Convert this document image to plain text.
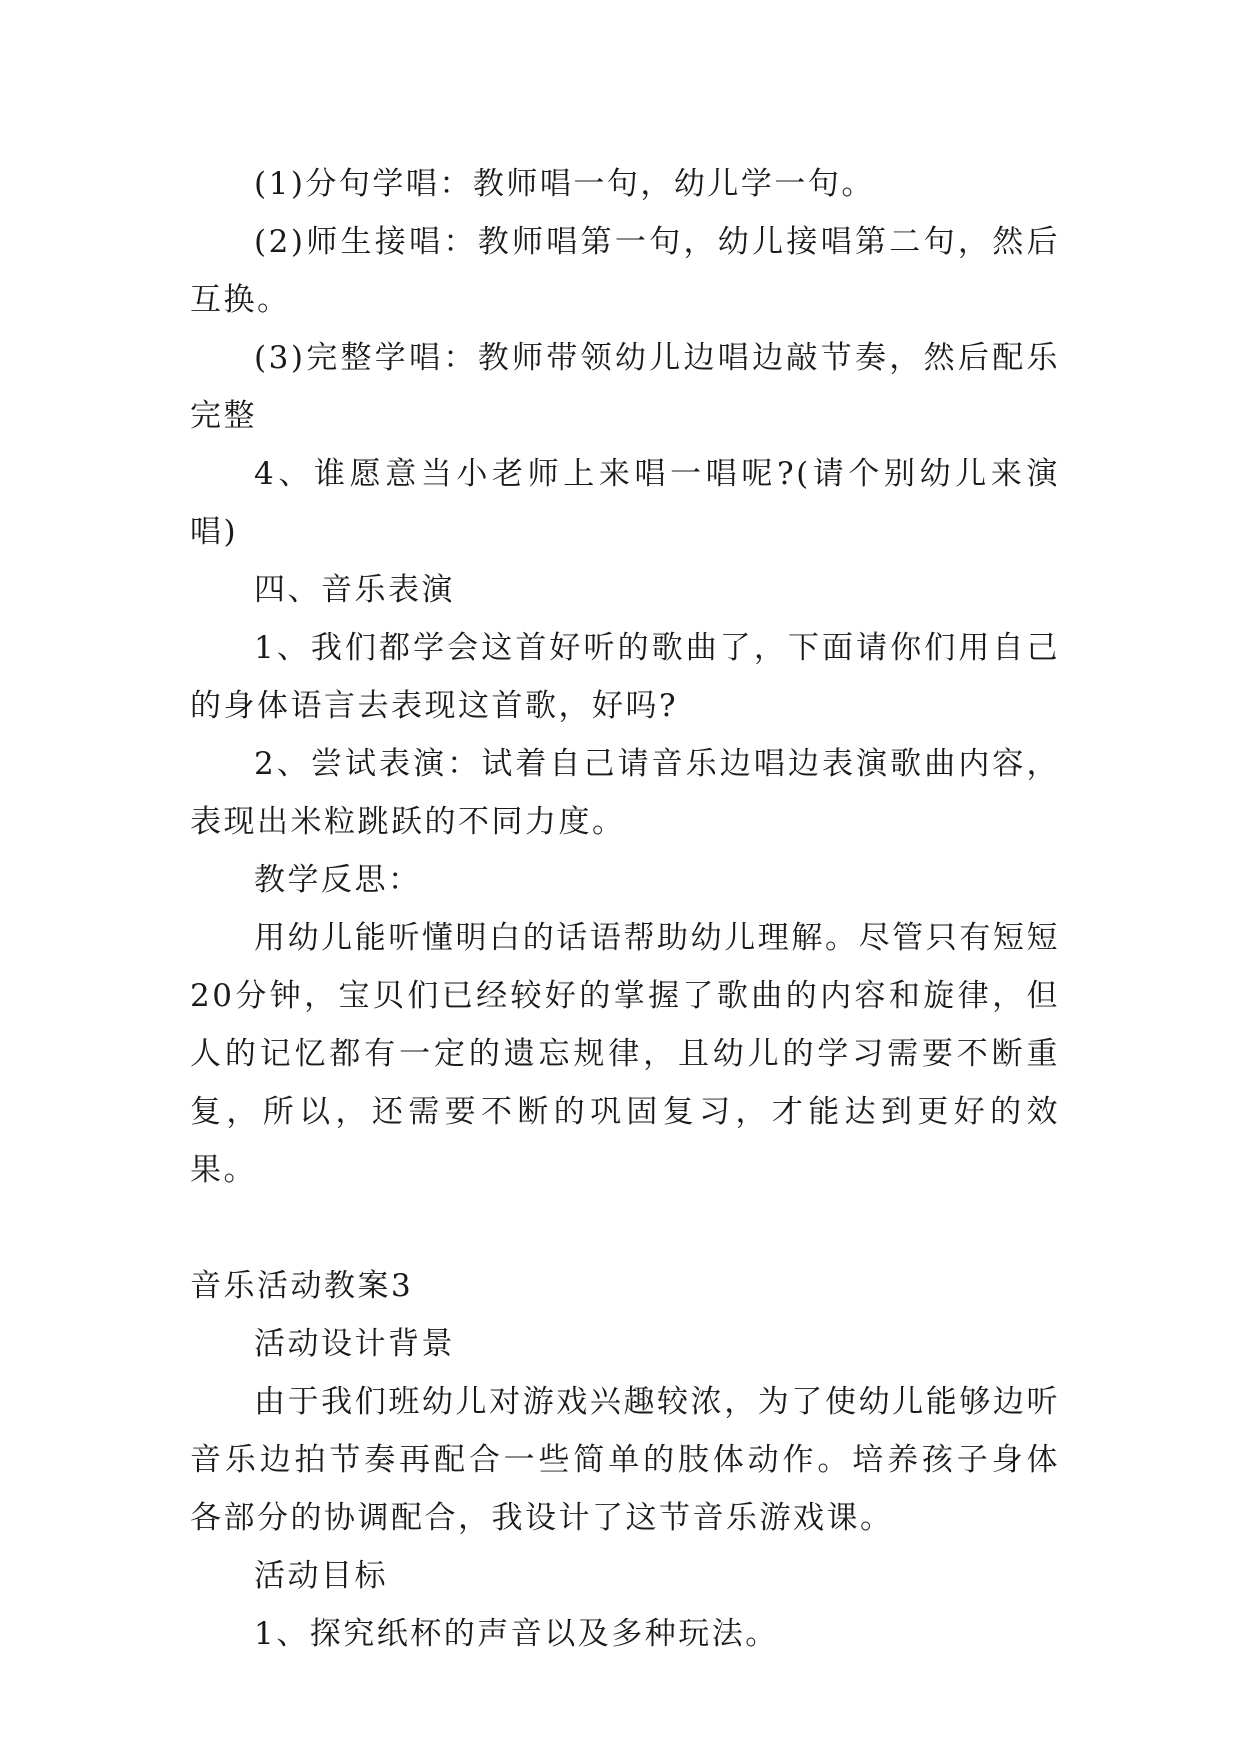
(1)分句学唱：教师唱一句，幼儿学一句。

(2)师生接唱：教师唱第一句，幼儿接唱第二句，然后互换。

(3)完整学唱：教师带领幼儿边唱边敲节奏，然后配乐完整

4、谁愿意当小老师上来唱一唱呢?(请个别幼儿来演唱)

四、音乐表演

1、我们都学会这首好听的歌曲了，下面请你们用自己的身体语言去表现这首歌，好吗?

2、尝试表演：试着自己请音乐边唱边表演歌曲内容，表现出米粒跳跃的不同力度。

教学反思：

用幼儿能听懂明白的话语帮助幼儿理解。尽管只有短短20分钟，宝贝们已经较好的掌握了歌曲的内容和旋律，但人的记忆都有一定的遗忘规律，且幼儿的学习需要不断重复，所以，还需要不断的巩固复习，才能达到更好的效果。

音乐活动教案3

活动设计背景

由于我们班幼儿对游戏兴趣较浓，为了使幼儿能够边听音乐边拍节奏再配合一些简单的肢体动作。培养孩子身体各部分的协调配合，我设计了这节音乐游戏课。

活动目标

1、探究纸杯的声音以及多种玩法。
